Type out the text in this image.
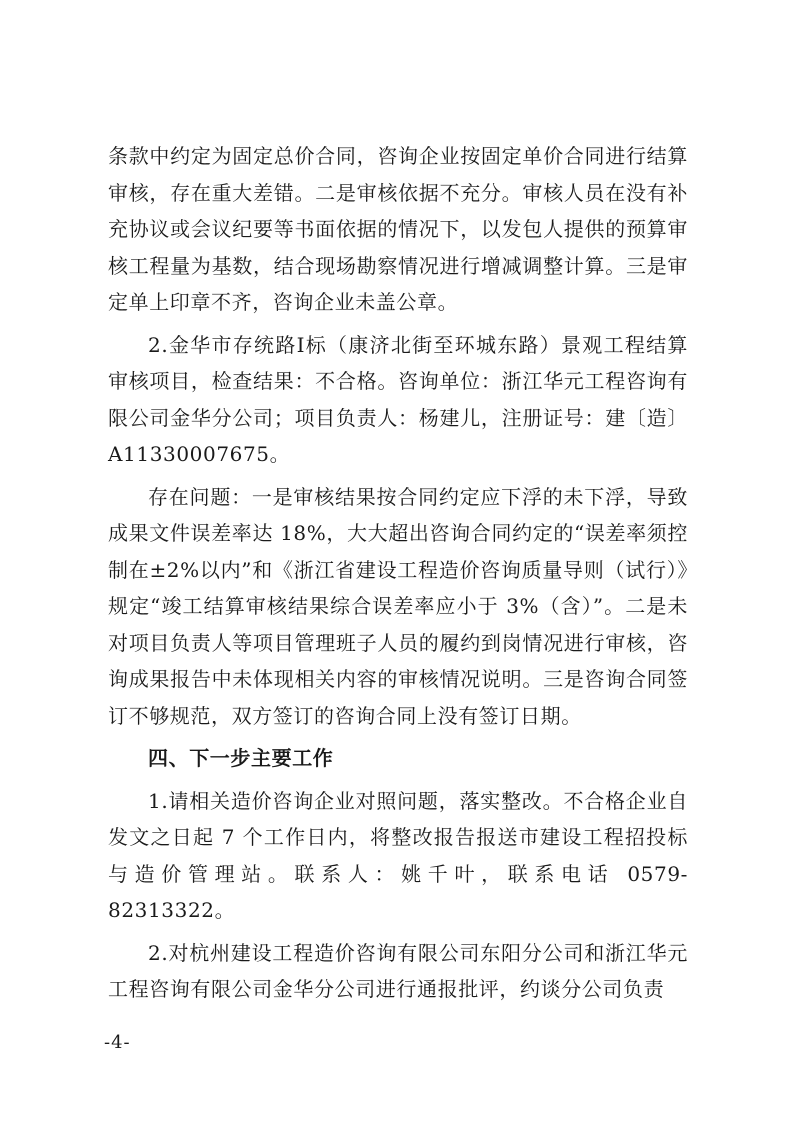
条款中约定为固定总价合同，咨询企业按固定单价合同进行结算审核，存在重大差错。二是审核依据不充分。审核人员在没有补充协议或会议纪要等书面依据的情况下，以发包人提供的预算审核工程量为基数，结合现场勘察情况进行增减调整计算。三是审定单上印章不齐，咨询企业未盖公章。

2.金华市存统路Ⅰ标（康济北街至环城东路）景观工程结算审核项目，检查结果：不合格。咨询单位：浙江华元工程咨询有限公司金华分公司；项目负责人：杨建儿，注册证号：建〔造〕A11330007675。

存在问题：一是审核结果按合同约定应下浮的未下浮，导致成果文件误差率达 18%，大大超出咨询合同约定的“误差率须控制在±2%以内”和《浙江省建设工程造价咨询质量导则（试行）》规定“竣工结算审核结果综合误差率应小于 3%（含）”。二是未对项目负责人等项目管理班子人员的履约到岗情况进行审核，咨询成果报告中未体现相关内容的审核情况说明。三是咨询合同签订不够规范，双方签订的咨询合同上没有签订日期。

四、下一步主要工作

1.请相关造价咨询企业对照问题，落实整改。不合格企业自发文之日起 7 个工作日内，将整改报告报送市建设工程招投标与造价管理站。联系人：姚千叶，联系电话 0579-82313322。

2.对杭州建设工程造价咨询有限公司东阳分公司和浙江华元工程咨询有限公司金华分公司进行通报批评，约谈分公司负责

-4-
